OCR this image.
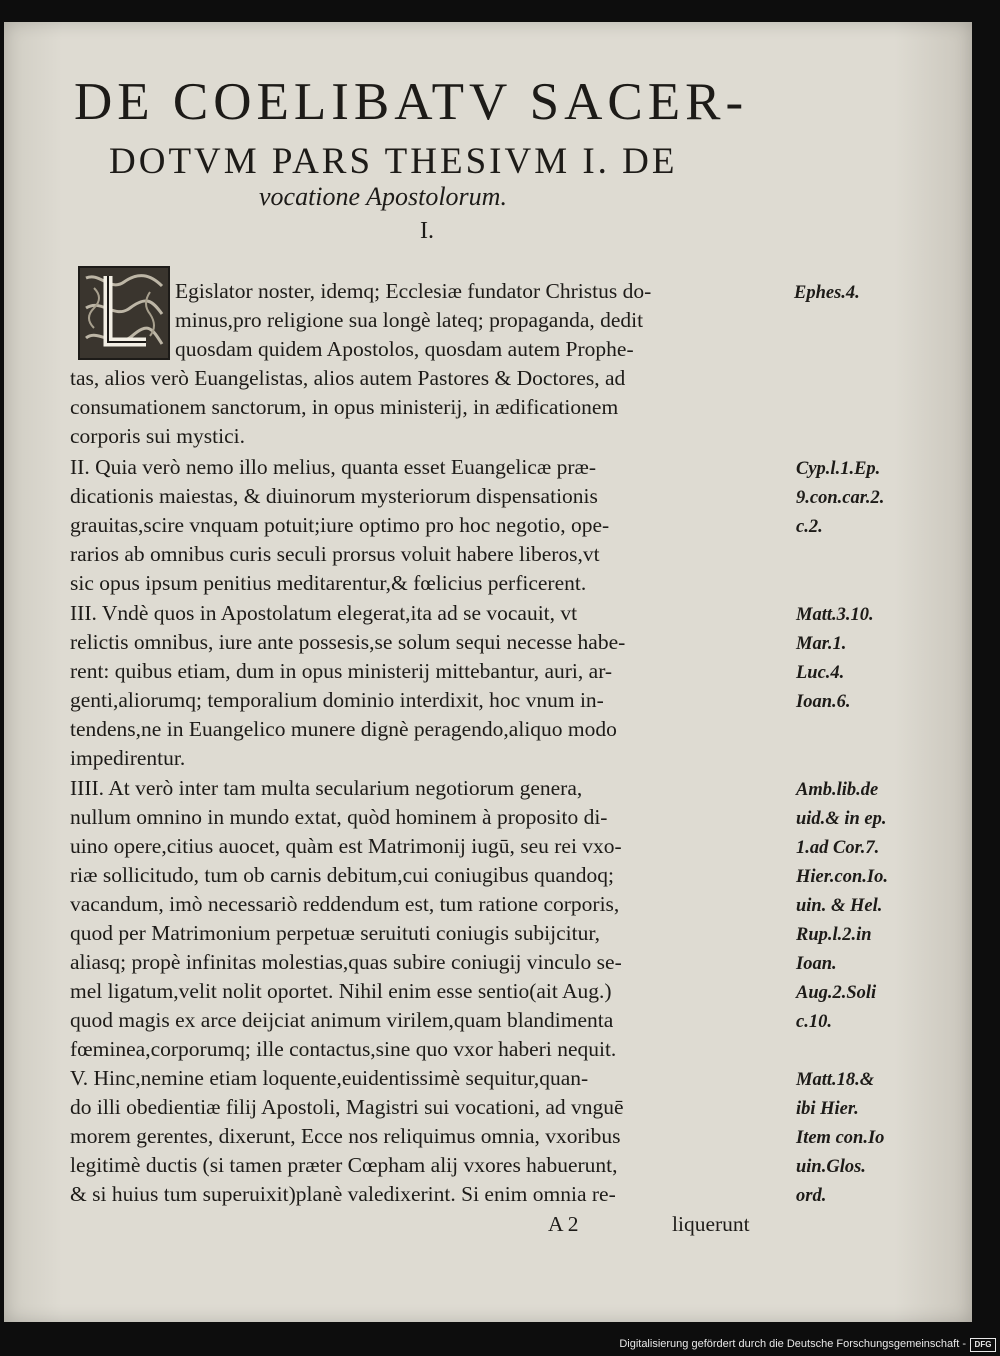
DE COELIBATV SACER-
DOTVM PARS THESIVM I. DE
vocatione Apostolorum.
I.
Egislator noster, idemq; Ecclesiæ fundator Christus do-
minus,pro religione sua longè lateq; propaganda, dedit
quosdam quidem Apostolos, quosdam autem Prophe-
tas, alios verò Euangelistas, alios autem Pastores & Doctores, ad
consumationem sanctorum, in opus ministerij, in ædificationem
corporis sui mystici.
II. Quia verò nemo illo melius, quanta esset Euangelicæ præ-
dicationis maiestas, & diuinorum mysteriorum dispensationis
grauitas,scire vnquam potuit;iure optimo pro hoc negotio, ope-
rarios ab omnibus curis seculi prorsus voluit habere liberos,vt
sic opus ipsum penitius meditarentur,& fœlicius perficerent.
III. Vndè quos in Apostolatum elegerat,ita ad se vocauit, vt
relictis omnibus, iure ante possesis,se solum sequi necesse habe-
rent: quibus etiam, dum in opus ministerij mittebantur, auri, ar-
genti,aliorumq; temporalium dominio interdixit, hoc vnum in-
tendens,ne in Euangelico munere dignè peragendo,aliquo modo
impedirentur.
IIII. At verò inter tam multa secularium negotiorum genera,
nullum omnino in mundo extat, quòd hominem à proposito di-
uino opere,citius auocet, quàm est Matrimonij iugū, seu rei vxo-
riæ sollicitudo, tum ob carnis debitum,cui coniugibus quandoq;
vacandum, imò necessariò reddendum est, tum ratione corporis,
quod per Matrimonium perpetuæ seruituti coniugis subijcitur,
aliasq; propè infinitas molestias,quas subire coniugij vinculo se-
mel ligatum,velit nolit oportet. Nihil enim esse sentio(ait Aug.)
quod magis ex arce deijciat animum virilem,quam blandimenta
fœminea,corporumq; ille contactus,sine quo vxor haberi nequit.
V. Hinc,nemine etiam loquente,euidentissimè sequitur,quan-
do illi obedientiæ filij Apostoli, Magistri sui vocationi, ad vnguē
morem gerentes, dixerunt, Ecce nos reliquimus omnia, vxoribus
legitimè ductis (si tamen præter Cœpham alij vxores habuerunt,
& si huius tum superuixit)planè valedixerint. Si enim omnia re-
Ephes.4.
Cyp.l.1.Ep.
9.con.car.2.
c.2.
Matt.3.10.
Mar.1.
Luc.4.
Ioan.6.
Amb.lib.de
uid.& in ep.
1.ad Cor.7.
Hier.con.Io.
uin. & Hel.
Rup.l.2.in
Ioan.
Aug.2.Soli
c.10.
Matt.18.&
ibi Hier.
Item con.Io
uin.Glos.
ord.
A 2	liquerunt
Digitalisierung gefördert durch die Deutsche Forschungsgemeinschaft -	DFG
